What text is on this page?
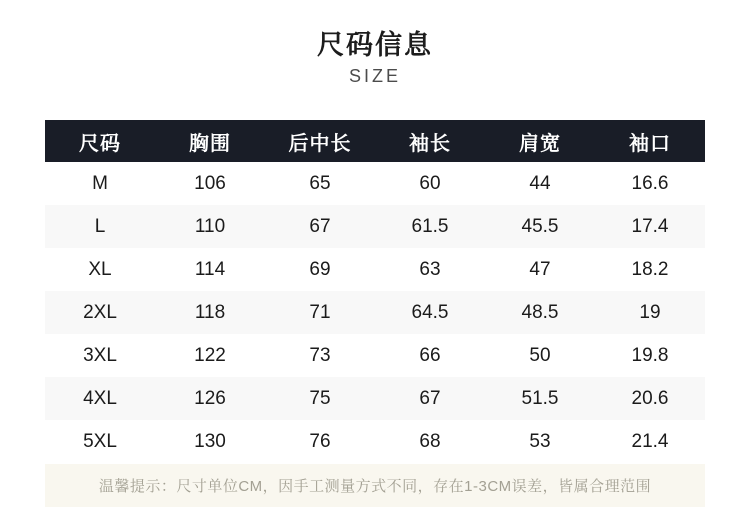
尺码信息
SIZE
尺码	胸围	后中长	袖长	肩宽	袖口
M	106	65	60	44	16.6
L	110	67	61.5	45.5	17.4
XL	114	69	63	47	18.2
2XL	118	71	64.5	48.5	19
3XL	122	73	66	50	19.8
4XL	126	75	67	51.5	20.6
5XL	130	76	68	53	21.4
温馨提示：尺寸单位CM，因手工测量方式不同，存在1-3CM误差，皆属合理范围
